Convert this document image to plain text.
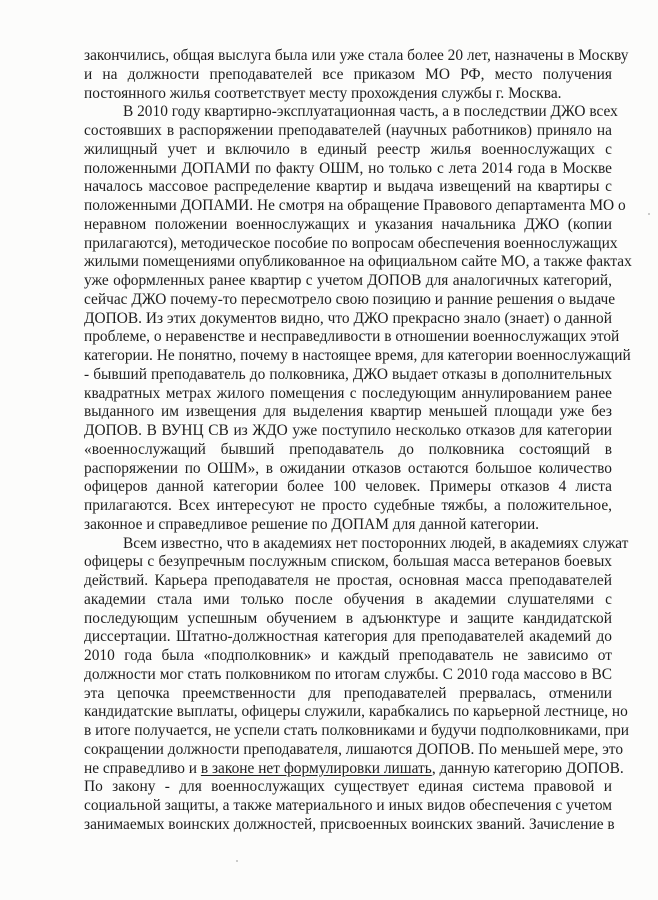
закончились, общая выслуга была или уже стала более 20 лет, назначены в Москву
и на должности преподавателей все приказом МО РФ, место получения
постоянного жилья соответствует месту прохождения службы г. Москва.
В 2010 году квартирно-эксплуатационная часть, а в последствии ДЖО всех
состоявших в распоряжении преподавателей (научных работников) приняло на
жилищный учет и включило в единый реестр жилья военнослужащих с
положенными ДОПАМИ по факту ОШМ, но только с лета 2014 года в Москве
началось массовое распределение квартир и выдача извещений на квартиры с
положенными ДОПАМИ. Не смотря на обращение Правового департамента МО о
неравном положении военнослужащих и указания начальника ДЖО (копии
прилагаются), методическое пособие по вопросам обеспечения военнослужащих
жилыми помещениями опубликованное на официальном сайте МО, а также фактах
уже оформленных ранее квартир с учетом ДОПОВ для аналогичных категорий,
сейчас ДЖО почему-то пересмотрело свою позицию и ранние решения о выдаче
ДОПОВ. Из этих документов видно, что ДЖО прекрасно знало (знает) о данной
проблеме, о неравенстве и несправедливости в отношении военнослужащих этой
категории. Не понятно, почему в настоящее время, для категории военнослужащий
- бывший преподаватель до полковника, ДЖО выдает отказы в дополнительных
квадратных метрах жилого помещения с последующим аннулированием ранее
выданного им извещения для выделения квартир меньшей площади уже без
ДОПОВ. В ВУНЦ СВ из ЖДО уже поступило несколько отказов для категории
«военнослужащий бывший преподаватель до полковника состоящий в
распоряжении по ОШМ», в ожидании отказов остаются большое количество
офицеров данной категории более 100 человек. Примеры отказов 4 листа
прилагаются. Всех интересуют не просто судебные тяжбы, а положительное,
законное и справедливое решение по ДОПАМ для данной категории.
Всем известно, что в академиях нет посторонних людей, в академиях служат
офицеры с безупречным послужным списком, большая масса ветеранов боевых
действий. Карьера преподавателя не простая, основная масса преподавателей
академии стала ими только после обучения в академии слушателями с
последующим успешным обучением в адъюнктуре и защите кандидатской
диссертации. Штатно-должностная категория для преподавателей академий до
2010 года была «подполковник» и каждый преподаватель не зависимо от
должности мог стать полковником по итогам службы. С 2010 года массово в ВС
эта цепочка преемственности для преподавателей прервалась, отменили
кандидатские выплаты, офицеры служили, карабкались по карьерной лестнице, но
в итоге получается, не успели стать полковниками и будучи подполковниками, при
сокращении должности преподавателя, лишаются ДОПОВ. По меньшей мере, это
не справедливо и в законе нет формулировки лишать, данную категорию ДОПОВ.
По закону - для военнослужащих существует единая система правовой и
социальной защиты, а также материального и иных видов обеспечения с учетом
занимаемых воинских должностей, присвоенных воинских званий. Зачисление в
